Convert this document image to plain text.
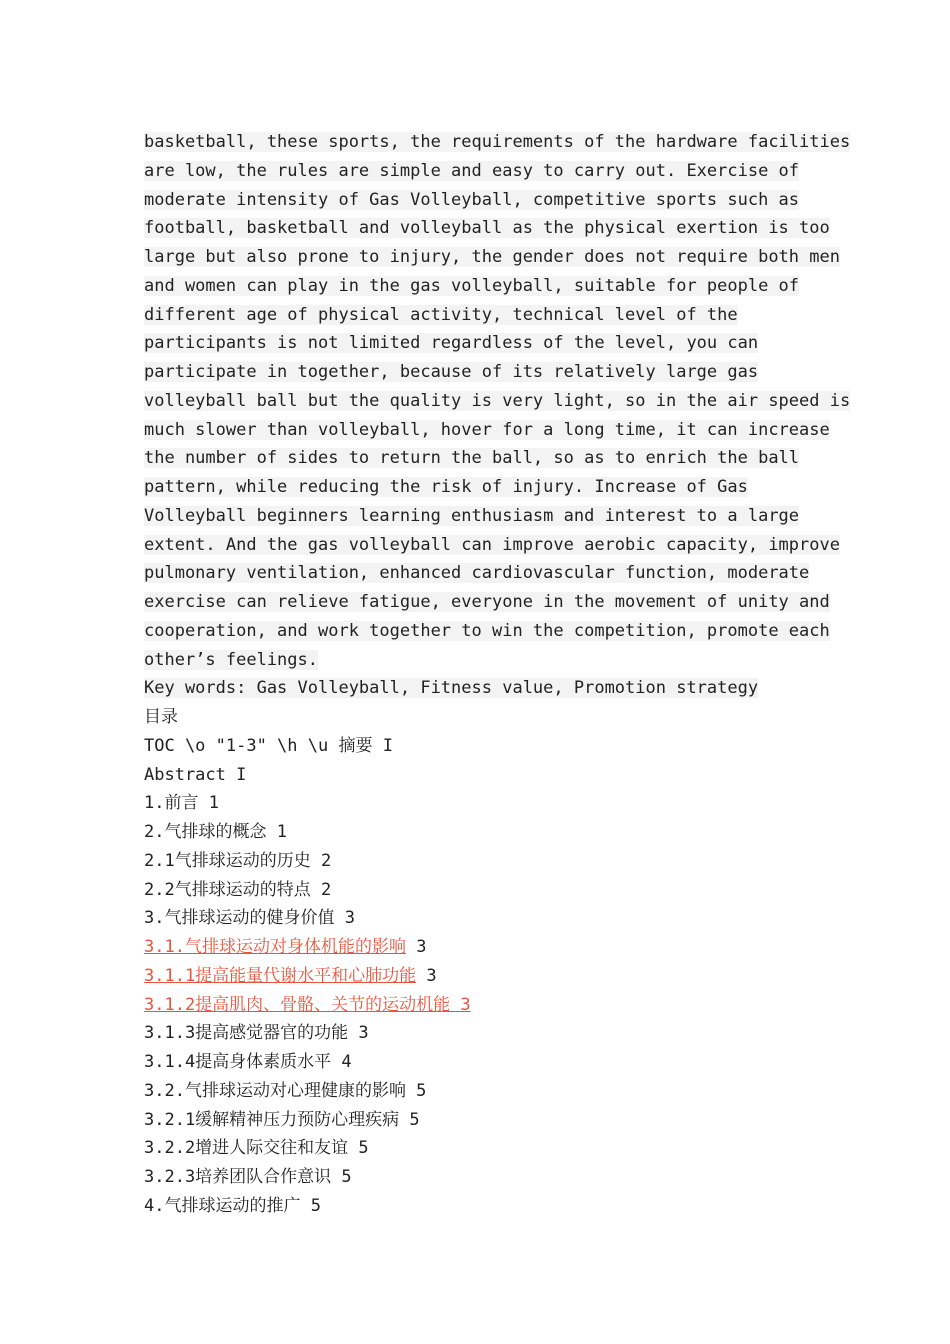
basketball, these sports, the requirements of the hardware facilities
are low, the rules are simple and easy to carry out. Exercise of
moderate intensity of Gas Volleyball, competitive sports such as
football, basketball and volleyball as the physical exertion is too
large but also prone to injury, the gender does not require both men
and women can play in the gas volleyball, suitable for people of
different age of physical activity, technical level of the
participants is not limited regardless of the level, you can
participate in together, because of its relatively large gas
volleyball ball but the quality is very light, so in the air speed is
much slower than volleyball, hover for a long time, it can increase
the number of sides to return the ball, so as to enrich the ball
pattern, while reducing the risk of injury. Increase of Gas
Volleyball beginners learning enthusiasm and interest to a large
extent. And the gas volleyball can improve aerobic capacity, improve
pulmonary ventilation, enhanced cardiovascular function, moderate
exercise can relieve fatigue, everyone in the movement of unity and
cooperation, and work together to win the competition, promote each
other’s feelings.
Key words: Gas Volleyball, Fitness value, Promotion strategy
目录
TOC \o "1-3" \h \u 摘要 I
Abstract I
1.前言 1
2.气排球的概念 1
2.1气排球运动的历史 2
2.2气排球运动的特点 2
3.气排球运动的健身价值 3
3.1.气排球运动对身体机能的影响 3
3.1.1提高能量代谢水平和心肺功能 3
3.1.2提高肌肉、骨骼、关节的运动机能 3
3.1.3提高感觉器官的功能 3
3.1.4提高身体素质水平 4
3.2.气排球运动对心理健康的影响 5
3.2.1缓解精神压力预防心理疾病 5
3.2.2增进人际交往和友谊 5
3.2.3培养团队合作意识 5
4.气排球运动的推广 5
